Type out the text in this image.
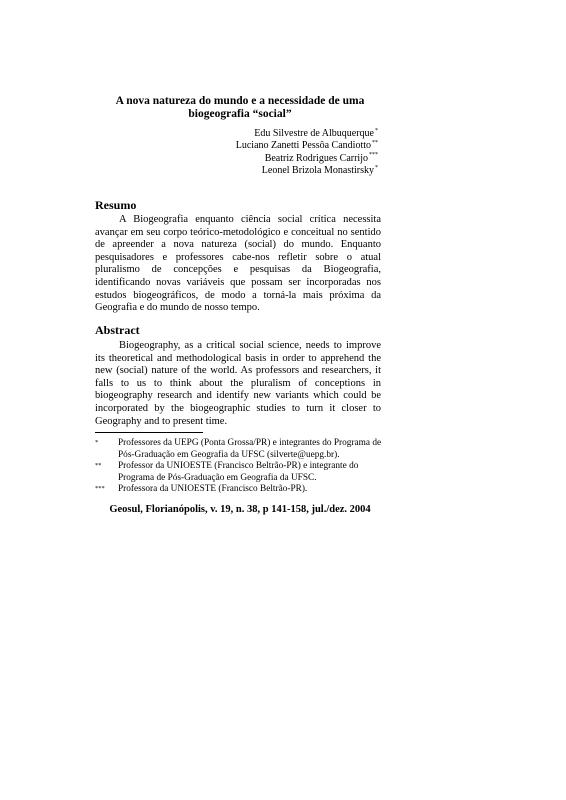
A nova natureza do mundo e a necessidade de uma
biogeografia “social”
Edu Silvestre de Albuquerque*
Luciano Zanetti Pessôa Candiotto**
Beatriz Rodrigues Carrijo***
Leonel Brizola Monastirsky*
Resumo

A Biogeografia enquanto ciência social crítica necessita avançar em seu corpo teórico-metodológico e conceitual no sentido de apreender a nova natureza (social) do mundo. Enquanto pesquisadores e professores cabe-nos refletir sobre o atual pluralismo de concepções e pesquisas da Biogeografia, identificando novas variáveis que possam ser incorporadas nos estudos biogeográficos, de modo a torná-la mais próxima da Geografia e do mundo de nosso tempo.

Abstract

Biogeography, as a critical social science, needs to improve its theoretical and methodological basis in order to apprehend the new (social) nature of the world. As professors and researchers, it falls to us to think about the pluralism of conceptions in biogeography research and identify new variants which could be incorporated by the biogeographic studies to turn it closer to Geography and to present time.

*	Professores da UEPG (Ponta Grossa/PR) e integrantes do Programa de Pós-Graduação em Geografia da UFSC (silverte@uepg.br).
**	Professor da UNIOESTE (Francisco Beltrão-PR) e integrante do Programa de Pós-Graduação em Geografia da UFSC.
***	Professora da UNIOESTE (Francisco Beltrão-PR).
Geosul, Florianópolis, v. 19, n. 38, p 141-158, jul./dez. 2004
